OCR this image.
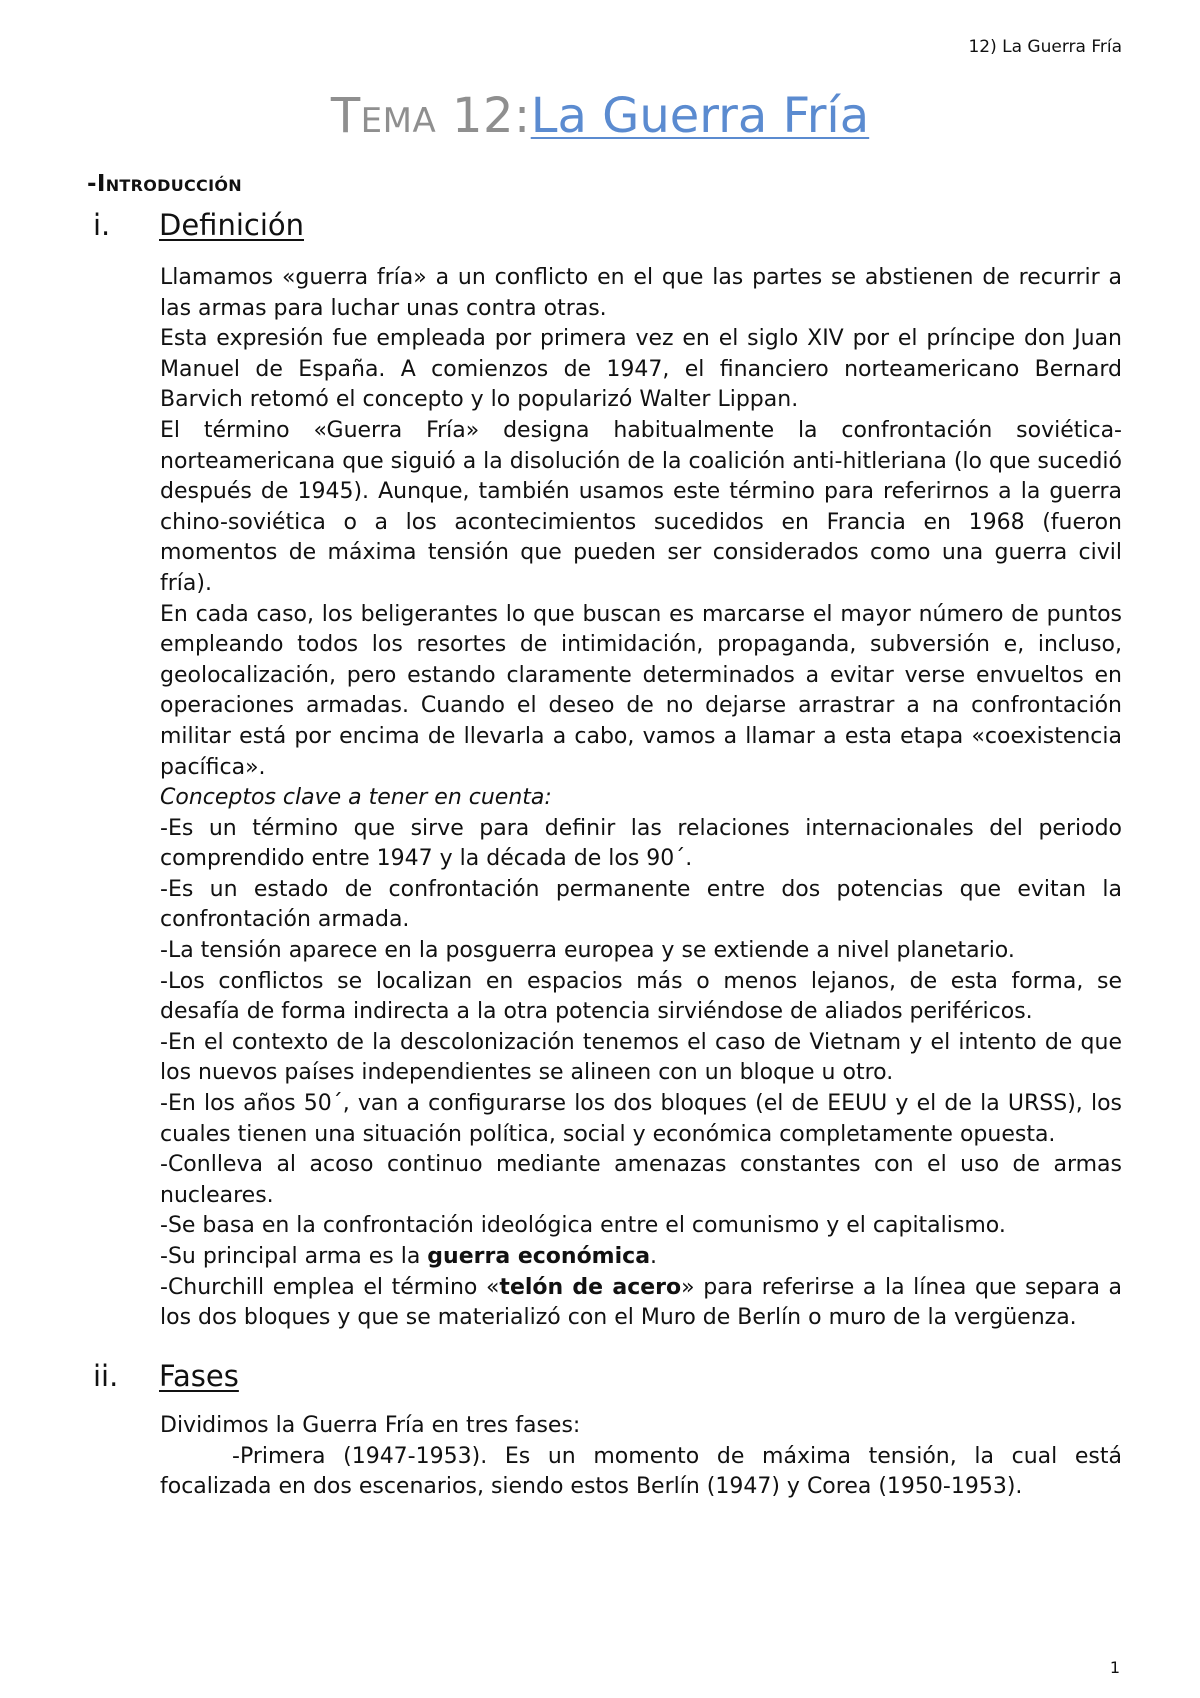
12) La Guerra Fría
Tema 12:La Guerra Fría
-Introducción
i. Definición

Llamamos «guerra fría» a un conflicto en el que las partes se abstienen de recurrir a las armas para luchar unas contra otras.

Esta expresión fue empleada por primera vez en el siglo XIV por el príncipe don Juan Manuel de España. A comienzos de 1947, el financiero norteamericano Bernard Barvich retomó el concepto y lo popularizó Walter Lippan.

El término «Guerra Fría» designa habitualmente la confrontación soviética-norteamericana que siguió a la disolución de la coalición anti-hitleriana (lo que sucedió después de 1945). Aunque, también usamos este término para referirnos a la guerra chino-soviética o a los acontecimientos sucedidos en Francia en 1968 (fueron momentos de máxima tensión que pueden ser considerados como una guerra civil fría).

En cada caso, los beligerantes lo que buscan es marcarse el mayor número de puntos empleando todos los resortes de intimidación, propaganda, subversión e, incluso, geolocalización, pero estando claramente determinados a evitar verse envueltos en operaciones armadas. Cuando el deseo de no dejarse arrastrar a na confrontación militar está por encima de llevarla a cabo, vamos a llamar a esta etapa «coexistencia pacífica».

Conceptos clave a tener en cuenta:

-Es un término que sirve para definir las relaciones internacionales del periodo comprendido entre 1947 y la década de los 90´.

-Es un estado de confrontación permanente entre dos potencias que evitan la confrontación armada.

-La tensión aparece en la posguerra europea y se extiende a nivel planetario.

-Los conflictos se localizan en espacios más o menos lejanos, de esta forma, se desafía de forma indirecta a la otra potencia sirviéndose de aliados periféricos.

-En el contexto de la descolonización tenemos el caso de Vietnam y el intento de que los nuevos países independientes se alineen con un bloque u otro.

-En los años 50´, van a configurarse los dos bloques (el de EEUU y el de la URSS), los cuales tienen una situación política, social y económica completamente opuesta.

-Conlleva al acoso continuo mediante amenazas constantes con el uso de armas nucleares.

-Se basa en la confrontación ideológica entre el comunismo y el capitalismo.

-Su principal arma es la guerra económica.

-Churchill emplea el término «telón de acero» para referirse a la línea que separa a los dos bloques y que se materializó con el Muro de Berlín o muro de la vergüenza.

ii. Fases

Dividimos la Guerra Fría en tres fases:

-Primera (1947-1953). Es un momento de máxima tensión, la cual está focalizada en dos escenarios, siendo estos Berlín (1947) y Corea (1950-1953).

1
